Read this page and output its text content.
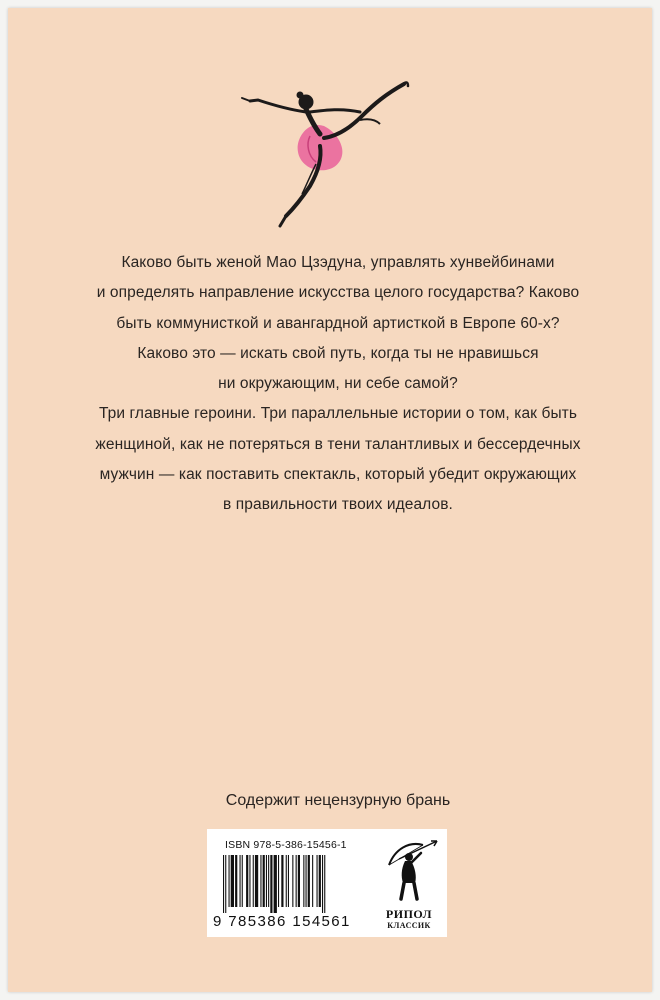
Каково быть женой Мао Цзэдуна, управлять хунвейбинами
и определять направление искусства целого государства? Каково
быть коммунисткой и авангардной артисткой в Европе 60-х?
Каково это — искать свой путь, когда ты не нравишься
ни окружающим, ни себе самой?
Три главные героини. Три параллельные истории о том, как быть
женщиной, как не потеряться в тени талантливых и бессердечных
мужчин — как поставить спектакль, который убедит окружающих
в правильности твоих идеалов.

Содержит нецензурную брань
ISBN 978-5-386-15456-1
9 785386 154561	РИПОЛ
КЛАССИК
